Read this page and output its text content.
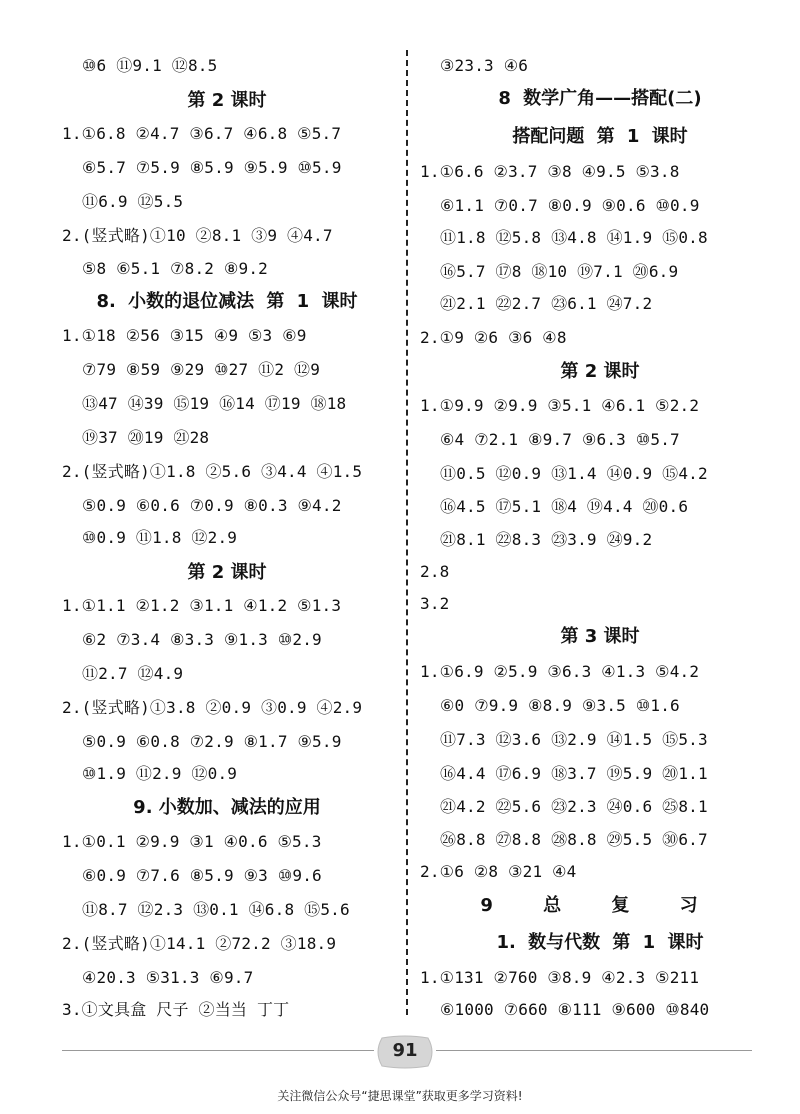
⑩6 ⑪9.1 ⑫8.5
第 2 课时
1.①6.8 ②4.7 ③6.7 ④6.8 ⑤5.7
⑥5.7 ⑦5.9 ⑧5.9 ⑨5.9 ⑩5.9
⑪6.9 ⑫5.5
2.(竖式略)①10 ②8.1 ③9 ④4.7
⑤8 ⑥5.1 ⑦8.2 ⑧9.2
8. 小数的退位减法 第 1 课时
1.①18 ②56 ③15 ④9 ⑤3 ⑥9
⑦79 ⑧59 ⑨29 ⑩27 ⑪2 ⑫9
⑬47 ⑭39 ⑮19 ⑯14 ⑰19 ⑱18
⑲37 ⑳19 ㉑28
2.(竖式略)①1.8 ②5.6 ③4.4 ④1.5
⑤0.9 ⑥0.6 ⑦0.9 ⑧0.3 ⑨4.2
⑩0.9 ⑪1.8 ⑫2.9
第 2 课时
1.①1.1 ②1.2 ③1.1 ④1.2 ⑤1.3
⑥2 ⑦3.4 ⑧3.3 ⑨1.3 ⑩2.9
⑪2.7 ⑫4.9
2.(竖式略)①3.8 ②0.9 ③0.9 ④2.9
⑤0.9 ⑥0.8 ⑦2.9 ⑧1.7 ⑨5.9
⑩1.9 ⑪2.9 ⑫0.9
9. 小数加、减法的应用
1.①0.1 ②9.9 ③1 ④0.6 ⑤5.3
⑥0.9 ⑦7.6 ⑧5.9 ⑨3 ⑩9.6
⑪8.7 ⑫2.3 ⑬0.1 ⑭6.8 ⑮5.6
2.(竖式略)①14.1 ②72.2 ③18.9
④20.3 ⑤31.3 ⑥9.7
3.①文具盒 尺子 ②当当 丁丁
③23.3 ④6
8 数学广角——搭配(二)
搭配问题 第 1 课时
1.①6.6 ②3.7 ③8 ④9.5 ⑤3.8
⑥1.1 ⑦0.7 ⑧0.9 ⑨0.6 ⑩0.9
⑪1.8 ⑫5.8 ⑬4.8 ⑭1.9 ⑮0.8
⑯5.7 ⑰8 ⑱10 ⑲7.1 ⑳6.9
㉑2.1 ㉒2.7 ㉓6.1 ㉔7.2
2.①9 ②6 ③6 ④8
第 2 课时
1.①9.9 ②9.9 ③5.1 ④6.1 ⑤2.2
⑥4 ⑦2.1 ⑧9.7 ⑨6.3 ⑩5.7
⑪0.5 ⑫0.9 ⑬1.4 ⑭0.9 ⑮4.2
⑯4.5 ⑰5.1 ⑱4 ⑲4.4 ⑳0.6
㉑8.1 ㉒8.3 ㉓3.9 ㉔9.2
2.8
3.2
第 3 课时
1.①6.9 ②5.9 ③6.3 ④1.3 ⑤4.2
⑥0 ⑦9.9 ⑧8.9 ⑨3.5 ⑩1.6
⑪7.3 ⑫3.6 ⑬2.9 ⑭1.5 ⑮5.3
⑯4.4 ⑰6.9 ⑱3.7 ⑲5.9 ⑳1.1
㉑4.2 ㉒5.6 ㉓2.3 ㉔0.6 ㉕8.1
㉖8.8 ㉗8.8 ㉘8.8 ㉙5.5 ㉚6.7
2.①6 ②8 ③21 ④4
9 总 复 习
1. 数与代数 第 1 课时
1.①131 ②760 ③8.9 ④2.3 ⑤211
⑥1000 ⑦660 ⑧111 ⑨600 ⑩840
91
关注微信公众号“捷思课堂”获取更多学习资料!
